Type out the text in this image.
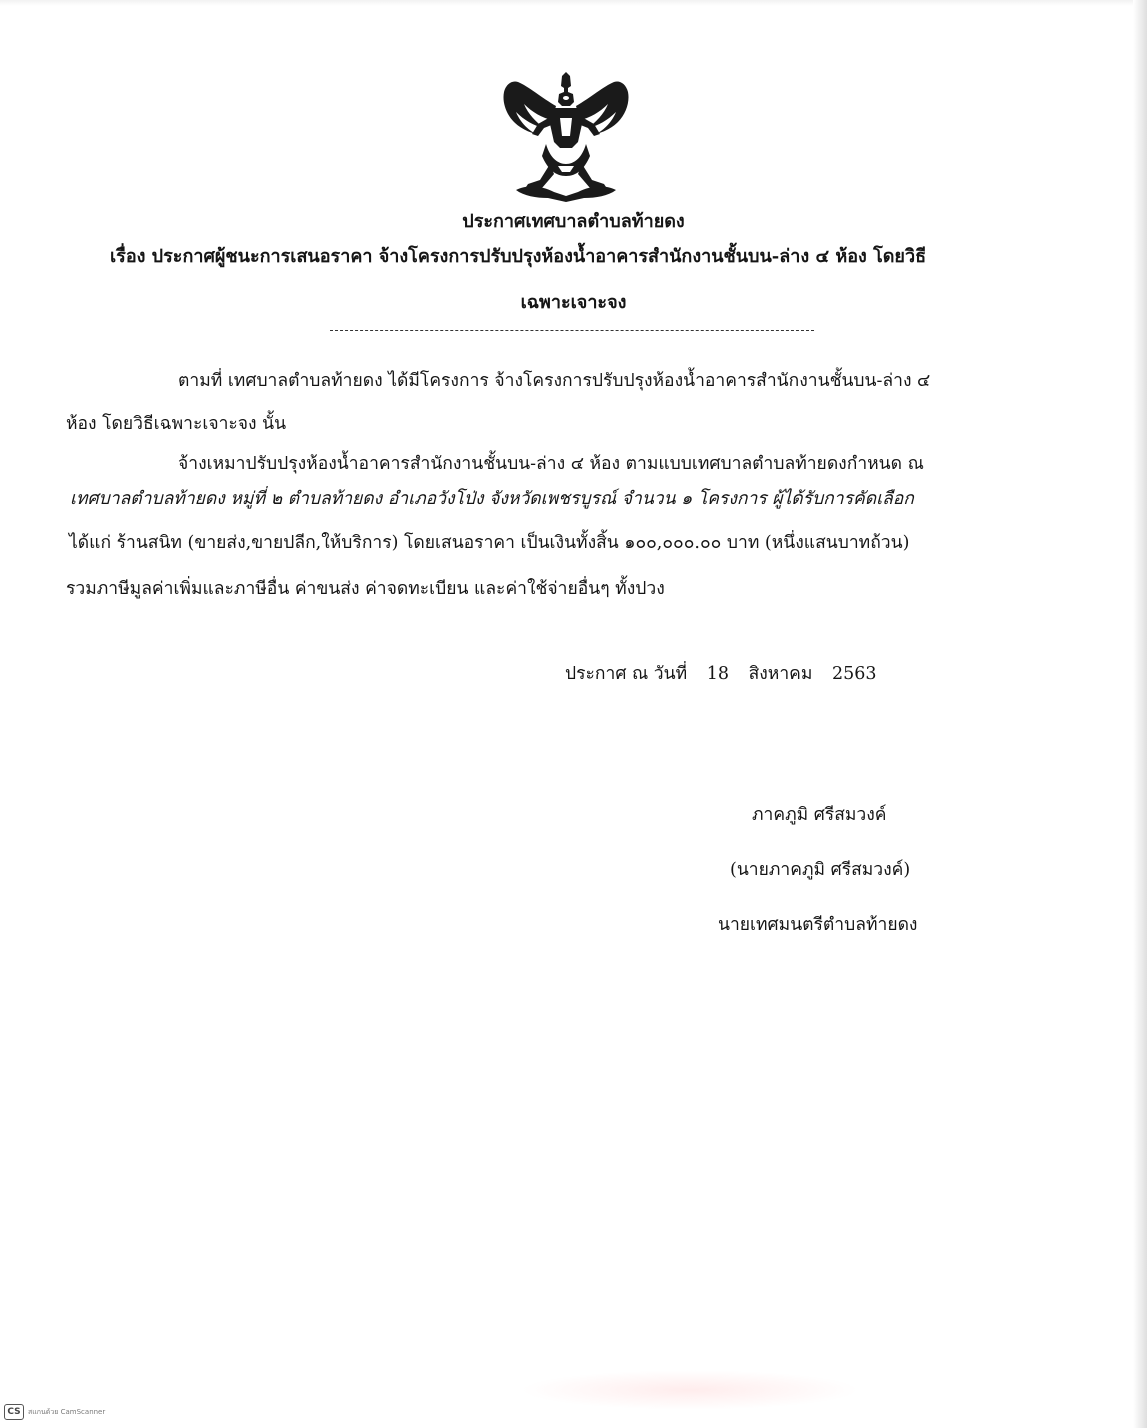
ประกาศเทศบาลตำบลท้ายดง
เรื่อง ประกาศผู้ชนะการเสนอราคา จ้างโครงการปรับปรุงห้องน้ำอาคารสำนักงานชั้นบน-ล่าง ๔ ห้อง โดยวิธี
เฉพาะเจาะจง
ตามที่ เทศบาลตำบลท้ายดง ได้มีโครงการ จ้างโครงการปรับปรุงห้องน้ำอาคารสำนักงานชั้นบน-ล่าง ๔
ห้อง โดยวิธีเฉพาะเจาะจง นั้น
จ้างเหมาปรับปรุงห้องน้ำอาคารสำนักงานชั้นบน-ล่าง ๔ ห้อง ตามแบบเทศบาลตำบลท้ายดงกำหนด ณ
เทศบาลตำบลท้ายดง หมู่ที่ ๒ ตำบลท้ายดง อำเภอวังโป่ง จังหวัดเพชรบูรณ์ จำนวน ๑ โครงการ ผู้ได้รับการคัดเลือก
ได้แก่ ร้านสนิท (ขายส่ง,ขายปลีก,ให้บริการ) โดยเสนอราคา เป็นเงินทั้งสิ้น ๑๐๐,๐๐๐.๐๐ บาท (หนึ่งแสนบาทถ้วน)
รวมภาษีมูลค่าเพิ่มและภาษีอื่น ค่าขนส่ง ค่าจดทะเบียน และค่าใช้จ่ายอื่นๆ ทั้งปวง
ประกาศ ณ วันที่ 18 สิงหาคม 2563
ภาคภูมิ ศรีสมวงค์
(นายภาคภูมิ ศรีสมวงค์)
นายเทศมนตรีตำบลท้ายดง
CS	สแกนด้วย CamScanner
